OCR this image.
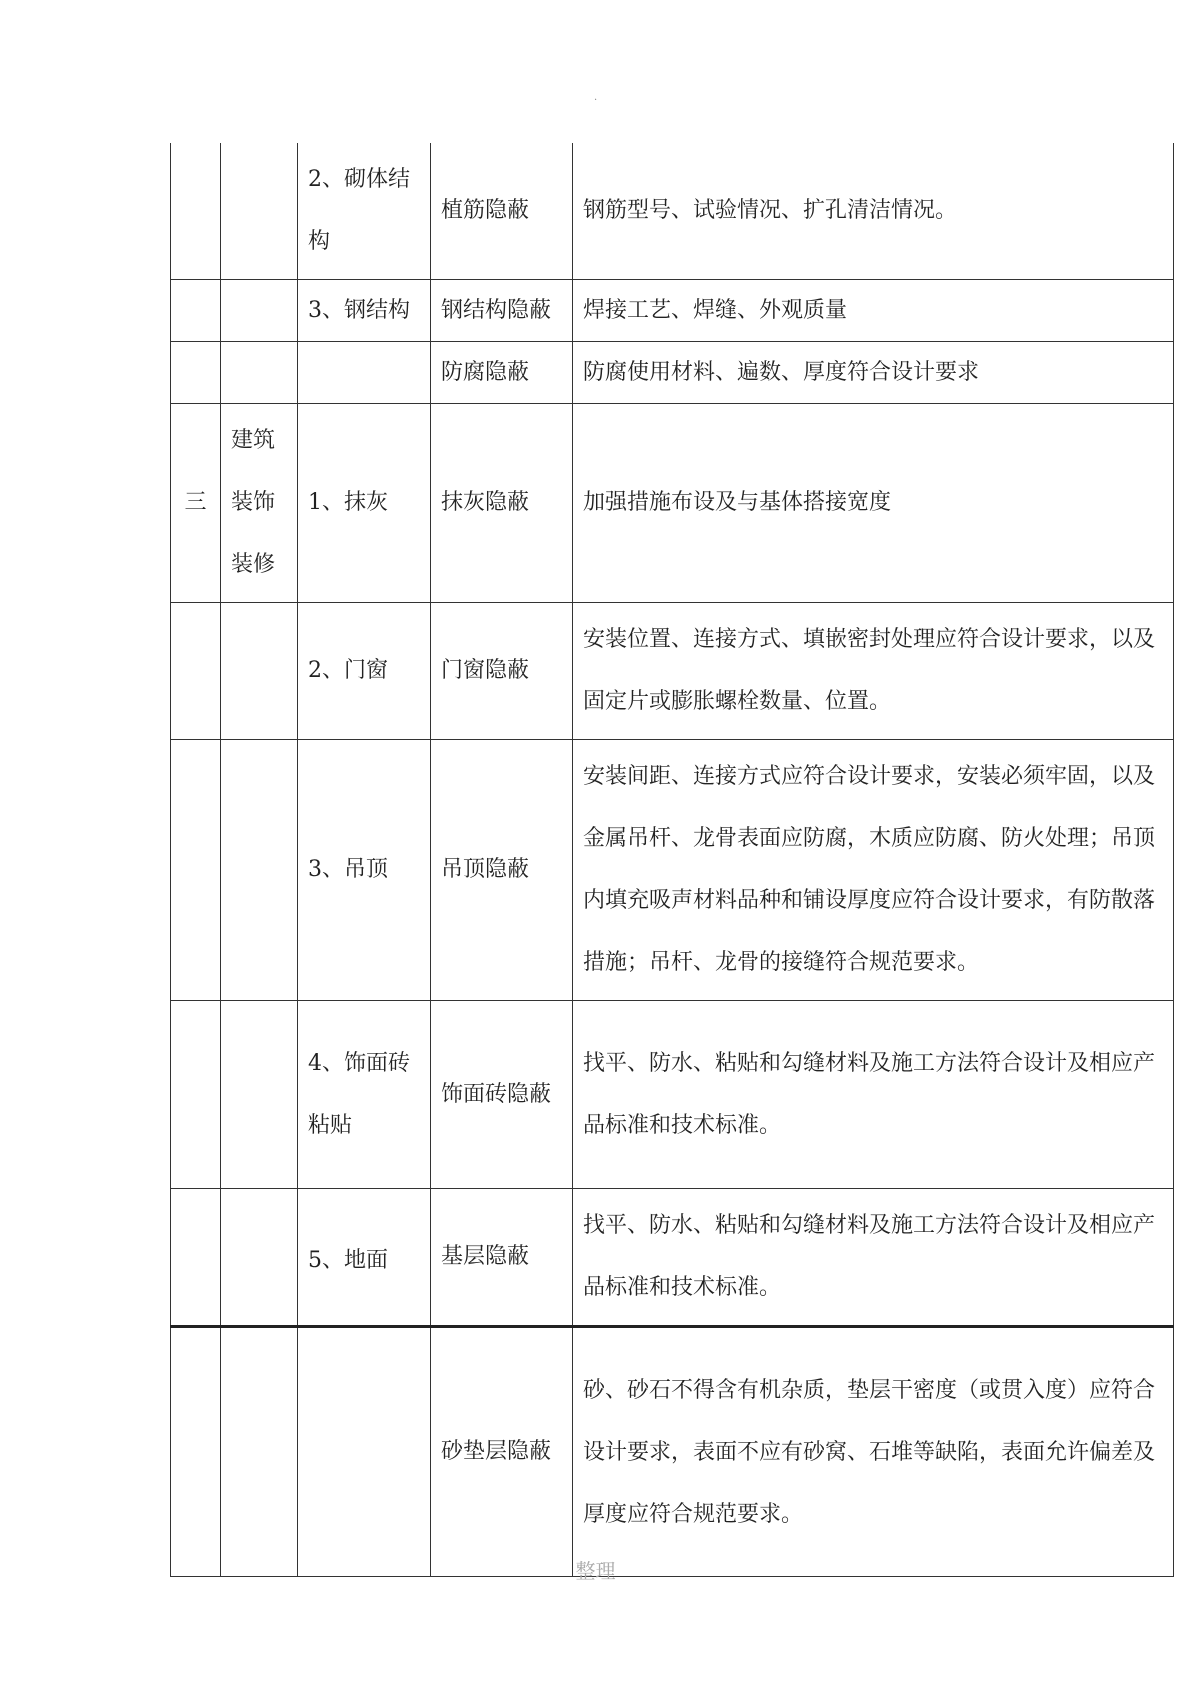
.
		2、砌体结构	植筋隐蔽	钢筋型号、试验情况、扩孔清洁情况。
		3、钢结构	钢结构隐蔽	焊接工艺、焊缝、外观质量
			防腐隐蔽	防腐使用材料、遍数、厚度符合设计要求
三	建筑装饰装修	1、抹灰	抹灰隐蔽	加强措施布设及与基体搭接宽度
		2、门窗	门窗隐蔽	安装位置、连接方式、填嵌密封处理应符合设计要求，以及固定片或膨胀螺栓数量、位置。
		3、吊顶	吊顶隐蔽	安装间距、连接方式应符合设计要求，安装必须牢固，以及金属吊杆、龙骨表面应防腐，木质应防腐、防火处理；吊顶内填充吸声材料品种和铺设厚度应符合设计要求，有防散落措施；吊杆、龙骨的接缝符合规范要求。
		4、饰面砖粘贴	饰面砖隐蔽	找平、防水、粘贴和勾缝材料及施工方法符合设计及相应产品标准和技术标准。
		5、地面	基层隐蔽	找平、防水、粘贴和勾缝材料及施工方法符合设计及相应产品标准和技术标准。
			砂垫层隐蔽	砂、砂石不得含有机杂质，垫层干密度（或贯入度）应符合设计要求，表面不应有砂窝、石堆等缺陷，表面允许偏差及厚度应符合规范要求。
整理
